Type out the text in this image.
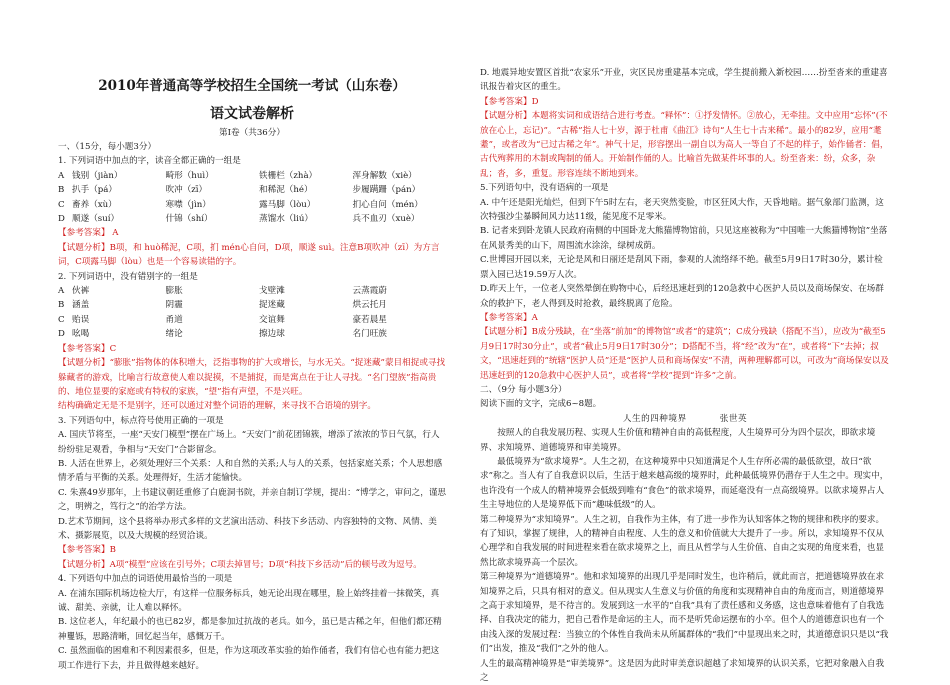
2010年普通高等学校招生全国统一考试（山东卷）

语文试卷解析

第Ⅰ卷（共36分）

一、（15分，每小题3分）

1. 下列词语中加点的字，读音全都正确的一组是

A 钱别（jiàn）	畸形（huì）	铁栅栏（zhà）	浑身解数（xiè）
B 扒手（pá）	吹冲（zī）	和稀泥（hé）	步履蹒跚（pán）
C 畜养（xù）	寒噤（jìn）	露马脚（lòu）	扪心自问（mén）
D 顺遂（suí）	什锦（shí）	蒸馏水（liú）	兵不血刃（xuè）

【参考答案】 A

【试题分析】B项，和 huò稀泥，C项，扪 mén心自问，D项，顺遂 suì。注意B项吹冲（zī）为方言词，C项露马脚（lòu）也是一个容易读错的字。

2. 下列词语中，没有错别字的一组是

A 伙裤	膨胀	戈壁滩	云蒸霞蔚
B 涵盖	阴霾	捉迷藏	烘云托月
C 贻误	甬道	交谊舞	豪若晨星
D 吆喝	绪论	擦边球	名门旺族

【参考答案】C

【试题分析】“膨胀”指物体的体积增大，泛指事物的扩大或增长，与水无关。“捉迷藏”蒙目相捉或寻找躲藏者的游戏，比喻言行故意使人难以捉摸，不是捕捉，而是寓点在于让人寻找。“名门望族”指高贵的、地位显要的家庭或有特权的家族，“望”指有声望，不是兴旺。

结构确确定无是不是别字，还可以通过对整个词语的理解，来寻找不合语境的别字。

3. 下列语句中，标点符号使用正确的一项是

A. 国庆节将至，一座“天安门模型”摆在广场上。“天安门”前花团锦簇，增添了浓浓的节日气氛，行人纷纷驻足观看，争相与“天安门”合影留念。

B. 人活在世界上，必须处理好三个关系：人和自然的关系;人与人的关系，包括家庭关系；个人思想感情矛盾与平衡的关系。处理得好，生活才能愉快。

C. 朱熹49岁那年，上书建议朝廷重修了白鹿洞书院，并亲自制订学规，提出：“博学之，审问之，谨思之，明辨之，笃行之”的治学方法。

D.艺术节期间，这个县将举办形式多样的文艺演出活动、科技下乡活动、内容独特的文物、风情、美术、摄影展览，以及大规模的经贸洽谈。

【参考答案】B

【试题分析】A项“模型”应该在引号外；C项去掉冒号；D项“科技下乡活动”后的顿号改为逗号。

4. 下列语句中加点的词语使用最恰当的一项是

A. 在浦东国际机场边检大厅，有这样一位服务标兵，她无论出现在哪里，脸上始终挂着一抹微笑，真诚、甜美、亲就，让人难以释怀。

B. 这位老人，年纪最小的也已82岁，都是参加过抗战的老兵。如今，虽已是古稀之年，但他们都还精神矍铄，思路清晰，回忆起当年，感慨万千。

C. 虽然面临的困难和不利因素很多，但是，作为这项改革实验的始作俑者，我们有信心也有能力把这项工作进行下去，并且做得越来越好。

D. 地震异地安置区首批“农家乐”开业，灾区民房重建基本完成，学生提前搬入新校园……扮至沓来的重建喜讯报告着灾区的重生。

【参考答案】D

【试题分析】本题将实词和成语结合进行考查。“释怀”：①抒发情怀。②放心，无牵挂。文中应用“忘怀”(不放在心上，忘记)”。“古稀”指人七十岁，源于杜甫《曲江》诗句“人生七十古来稀”。最小的82岁，应用“耄耋”，或者改为“已过古稀之年”。神气十足，形容摆出一副自以为高人一等自了不起的样子，始作俑者：倡，古代殉葬用的木制或陶制的俑人。开始制作俑的人。比喻首先做某件坏事的人。纷至沓来：纷，众多，杂乱；沓，多，重复。形容连续不断地到来。

5.下列语句中，没有语病的一项是

A. 中午还是阳光灿烂，但到下午5时左右，老天突然变脸，市区狂风大作，天昏地暗。据气象部门监测，这次特强沙尘暴瞬间风力达11级，能见度不足零米。

B. 记者来到卧龙镇人民政府南侧的中国卧龙大熊猫博物馆前，只见这座被称为“中国唯一大熊猫博物馆”坐落在风景秀美的山下，周围流水涂涂，绿树成荫。

C.世博园开园以来，无论是风和日丽还是刮风下雨，参观的人流络绎不绝。截至5月9日17时30分，累计检票入园已达19.59万人次。

D.昨天上午，一位老人突然晕倒在购物中心，后经迅速赶到的120急救中心医护人员以及商场保安、在场群众的救护下，老人得到及时抢救，最终脱离了危险。

【参考答案】A

【试题分析】B成分残缺，在“坐落”前加“的博物馆”或者“的建筑”；C成分残缺（搭配不当），应改为“截至5月9日17时30分止”，或者“截止5月9日17时30分”；D搭配不当，将“经”改为“在”，或者将“下”去掉；叔文，“迅速赶到的”统辖“医护人员”还是“医护人员和商场保安”不清，两种理解都可以，可改为“商场保安以及迅速赶到的120急救中心医护人员”，或者将“学校”提到“许多”之前。

二、（9分 每小题3分）

阅读下面的文字，完成6~8题。

人生的四种境界	张世英

按照人的自我发展历程、实现人生价值和精神自由的高低程度，人生境界可分为四个层次，即欲求境界、求知境界、道德境界和审美境界。

最低境界为“欲求境界”。人生之初，在这种境界中只知道满足个人生存所必需的最低欲望，故曰“欲求”称之。当人有了自我意识以后，生活于越来越高级的境界时，此种最低境界仍潜存于人生之中。现实中，也许没有一个成人的精神境界会低级到唯有“食色”的欲求境界，而延毫没有一点高级境界。以欲求境界占人生主导地位的人是境界低下而“趣味低级”的人。

第二种境界为“求知境界”。人生之初，自我作为主体，有了进一步作为认知客体之物的规律和秩序的要求。有了知识，掌握了规律，人的精神自由程度、人生的意义和价值就大大提升了一步。所以，求知境界不仅从心理学和自我发展的时间进程来看在欲求境界之上，而且从哲学与人生价值、自由之实现的角度来看，也显然比欲求境界高一个层次。

第三种境界为“道德境界”。他和求知境界的出现几乎是同时发生，也许稍后，就此而言，把道德境界放在求知境界之后，只具有相对的意义。但从现实人生意义与价值的角度和实现精神自由的角度而言，则道德境界之高于求知境界，是不待言的。发展到这一水平的“自我”具有了责任感和义务感，这也意味着他有了自我选择、自我决定的能力，把自己看作是命运的主人，而不是听凭命运摆布的小卒。但个人的道德意识也有一个由浅入深的发展过程：当独立的个体性自我尚未从所属群体的“我们”中显现出来之时，其道德意识只是以“我们”出发，推及“我们”之外的他人。

人生的最高精神境界是“审美境界”。这是因为此时审美意识超越了求知境界的认识关系，它把对象融入自我之
